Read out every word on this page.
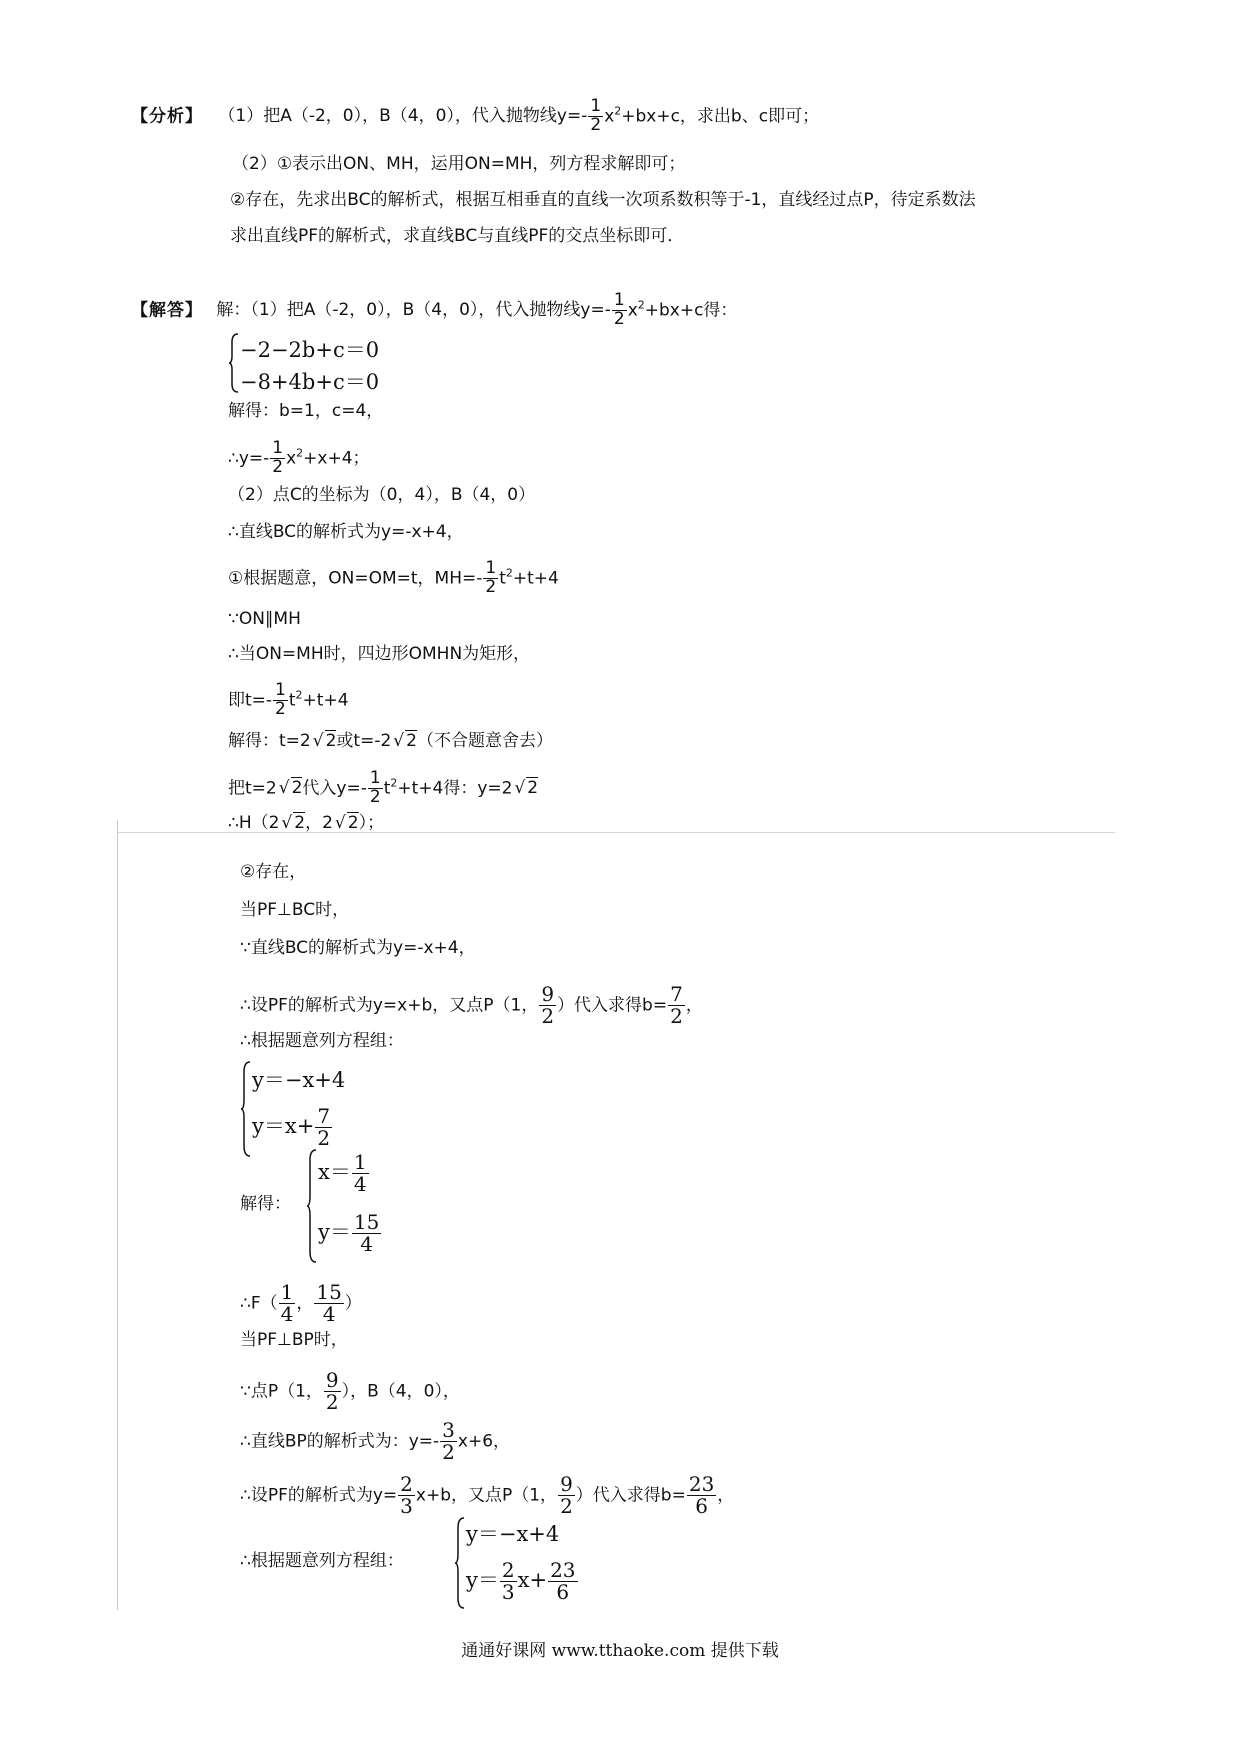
【分析】 （1）把A（-2，0），B（4，0），代入抛物线$y=- \frac{1}{2} x^2+bx+c$，求出b、c即可；
（2）①表示出ON、MH，运用ON=MH，列方程求解即可；
②存在，先求出BC的解析式，根据互相垂直的直线一次项系数积等于-1，直线经过点P，待定系数法
求出直线PF的解析式，求直线BC与直线PF的交点坐标即可．
【解答】 解：（1）把A（-2，0），B（4，0），代入抛物线$y=- \frac{1}{2} x^2+bx+c$得：
−2−2b+c＝0
−8+4b+c＝0
解得：b=1，c=4，
∴y=- $\frac{1}{2} x^2+x+4$；
（2）点C的坐标为（0，4），B（4，0）
∴直线BC的解析式为y=-x+4，
①根据题意，ON=OM=t，$MH=- \frac{1}{2} t^2+t+4$
∵ON∥MH
∴当ON=MH时，四边形OMHN为矩形，
即$t=- \frac{1}{2} t^2+t+4$
解得：t=2 √ 2或t=-2 √ 2（不合题意舍去）
把t=2 √ 2代入$y=- \frac{1}{2} t^2+t+4$得：y=2 √ 2
∴H（2 √ 2，2 √ 2）；
②存在，
当PF⊥BC时，
∵直线BC的解析式为y=-x+4，
∴设PF的解析式为y=x+b，又点P（1， $\frac{9}{2}$ ）代入求得$b= \frac{7}{2}$ ，
∴根据题意列方程组：
y＝−x+4
$y=x+ \frac{7}{2}$
解得：
$x= \frac{1}{4}$
$y= \frac{15}{4}$
∴F（ $\frac{1}{4}$ ， $\frac{15}{4}$ ）
当PF⊥BP时，
∵点P（1， $\frac{9}{2}$ ），B（4，0），
∴直线BP的解析式为：$y=- \frac{3}{2} x+6$，
∴设PF的解析式为$y= \frac{2}{3} x+b$，又点P（1， $\frac{9}{2}$ ）代入求得$b= \frac{23}{6}$ ，
∴根据题意列方程组：
y＝−x+4
$y= \frac{2}{3} x+ \frac{23}{6}$
通通好课网 www.tthaoke.com 提供下载
